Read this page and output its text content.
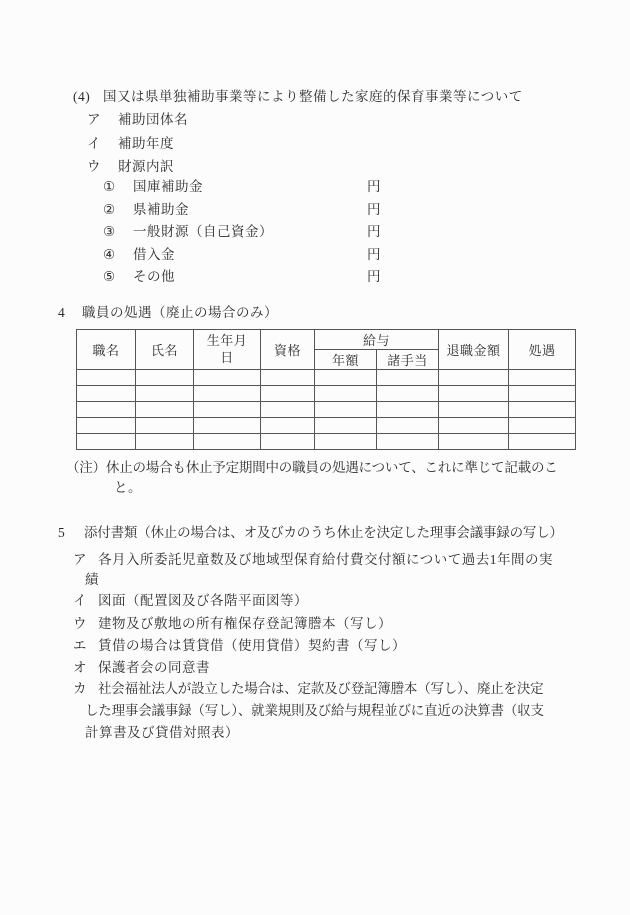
(4) 国又は県単独補助事業等により整備した家庭的保育事業等について
ア 補助団体名
イ 補助年度
ウ 財源内訳
① 国庫補助金	円
② 県補助金	円
③ 一般財源（自己資金）	円
④ 借入金	円
⑤ その他	円
4 職員の処遇（廃止の場合のみ）
職名	氏名	生年月日	資格	給与		退職金額	処遇
				年額	諸手当		

（注）休止の場合も休止予定期間中の職員の処遇について、これに準じて記載のこ
と。
5 添付書類（休止の場合は、オ及びカのうち休止を決定した理事会議事録の写し）
ア 各月入所委託児童数及び地域型保育給付費交付額について過去1年間の実
績
イ 図面（配置図及び各階平面図等）
ウ 建物及び敷地の所有権保存登記簿謄本（写し）
エ 賃借の場合は賃貸借（使用貸借）契約書（写し）
オ 保護者会の同意書
カ 社会福祉法人が設立した場合は、定款及び登記簿謄本（写し）、廃止を決定
した理事会議事録（写し）、就業規則及び給与規程並びに直近の決算書（収支
計算書及び貸借対照表）
